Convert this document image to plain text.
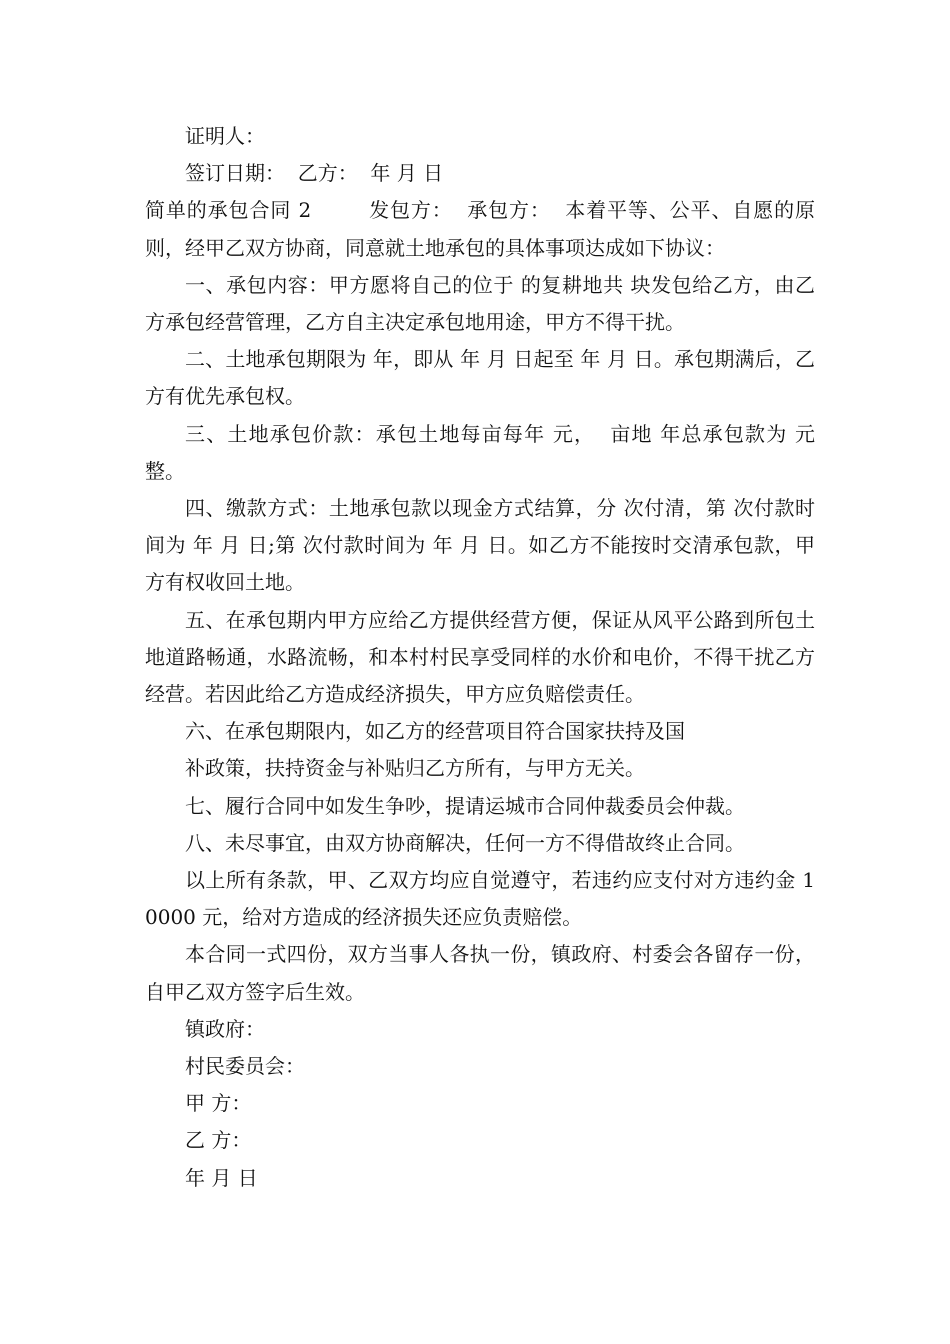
证明人：

签订日期：  乙方：  年 月 日

简单的承包合同 2        发包方：  承包方：  本着平等、公平、自愿的原则，经甲乙双方协商，同意就土地承包的具体事项达成如下协议：

一、承包内容：甲方愿将自己的位于 的复耕地共 块发包给乙方，由乙方承包经营管理，乙方自主决定承包地用途，甲方不得干扰。

二、土地承包期限为 年，即从 年 月 日起至 年 月 日。承包期满后，乙方有优先承包权。

三、土地承包价款：承包土地每亩每年 元，  亩地 年总承包款为 元整。

四、缴款方式：土地承包款以现金方式结算，分 次付清，第 次付款时间为 年 月 日;第 次付款时间为 年 月 日。如乙方不能按时交清承包款，甲方有权收回土地。

五、在承包期内甲方应给乙方提供经营方便，保证从风平公路到所包土地道路畅通，水路流畅，和本村村民享受同样的水价和电价，不得干扰乙方经营。若因此给乙方造成经济损失，甲方应负赔偿责任。

六、在承包期限内，如乙方的经营项目符合国家扶持及国

补政策，扶持资金与补贴归乙方所有，与甲方无关。

七、履行合同中如发生争吵，提请运城市合同仲裁委员会仲裁。

八、未尽事宜，由双方协商解决，任何一方不得借故终止合同。

以上所有条款，甲、乙双方均应自觉遵守，若违约应支付对方违约金 10000 元，给对方造成的经济损失还应负责赔偿。

本合同一式四份，双方当事人各执一份，镇政府、村委会各留存一份，自甲乙双方签字后生效。

镇政府：

村民委员会：

甲 方：

乙 方：

年 月 日
